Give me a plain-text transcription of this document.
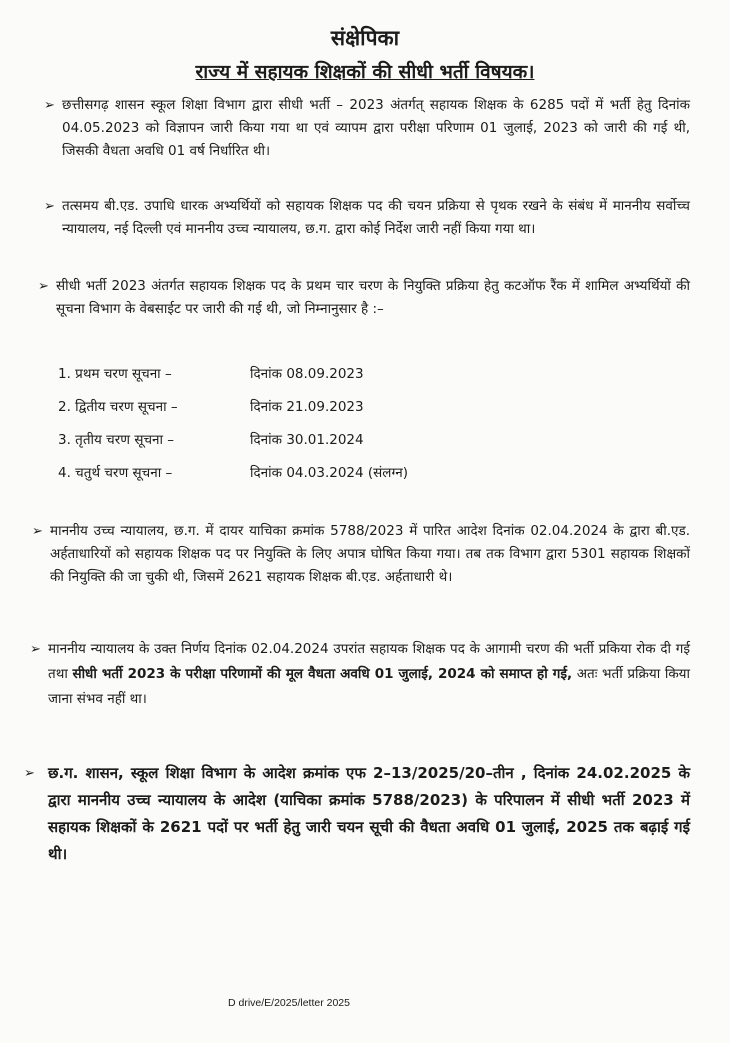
संक्षेपिका
राज्य में सहायक शिक्षकों की सीधी भर्ती विषयक।
➢ छत्तीसगढ़ शासन स्कूल शिक्षा विभाग द्वारा सीधी भर्ती – 2023 अंतर्गत् सहायक शिक्षक के 6285 पदों में भर्ती हेतु दिनांक 04.05.2023 को विज्ञापन जारी किया गया था एवं व्यापम द्वारा परीक्षा परिणाम 01 जुलाई, 2023 को जारी की गई थी, जिसकी वैधता अवधि 01 वर्ष निर्धारित थी।
➢ तत्समय बी.एड. उपाधि धारक अभ्यर्थियों को सहायक शिक्षक पद की चयन प्रक्रिया से पृथक रखने के संबंध में माननीय सर्वोच्च न्यायालय, नई दिल्ली एवं माननीय उच्च न्यायालय, छ.ग. द्वारा कोई निर्देश जारी नहीं किया गया था।
➢ सीधी भर्ती 2023 अंतर्गत सहायक शिक्षक पद के प्रथम चार चरण के नियुक्ति प्रक्रिया हेतु कटऑफ रैंक में शामिल अभ्यर्थियों की सूचना विभाग के वेबसाईट पर जारी की गई थी, जो निम्नानुसार है :–
1. प्रथम चरण सूचना –	दिनांक 08.09.2023
2. द्वितीय चरण सूचना –	दिनांक 21.09.2023
3. तृतीय चरण सूचना –	दिनांक 30.01.2024
4. चतुर्थ चरण सूचना –	दिनांक 04.03.2024 (संलग्न)
➢ माननीय उच्च न्यायालय, छ.ग. में दायर याचिका क्रमांक 5788/2023 में पारित आदेश दिनांक 02.04.2024 के द्वारा बी.एड. अर्हताधारियों को सहायक शिक्षक पद पर नियुक्ति के लिए अपात्र घोषित किया गया। तब तक विभाग द्वारा 5301 सहायक शिक्षकों की नियुक्ति की जा चुकी थी, जिसमें 2621 सहायक शिक्षक बी.एड. अर्हताधारी थे।
➢ माननीय न्यायालय के उक्त निर्णय दिनांक 02.04.2024 उपरांत सहायक शिक्षक पद के आगामी चरण की भर्ती प्रकिया रोक दी गई तथा सीधी भर्ती 2023 के परीक्षा परिणामों की मूल वैधता अवधि 01 जुलाई, 2024 को समाप्त हो गई, अतः भर्ती प्रक्रिया किया जाना संभव नहीं था।
➢ छ.ग. शासन, स्कूल शिक्षा विभाग के आदेश क्रमांक एफ 2–13/2025/20–तीन , दिनांक 24.02.2025 के द्वारा माननीय उच्च न्यायालय के आदेश (याचिका क्रमांक 5788/2023) के परिपालन में सीधी भर्ती 2023 में सहायक शिक्षकों के 2621 पदों पर भर्ती हेतु जारी चयन सूची की वैधता अवधि 01 जुलाई, 2025 तक बढ़ाई गई थी।
D drive/E/2025/letter 2025
